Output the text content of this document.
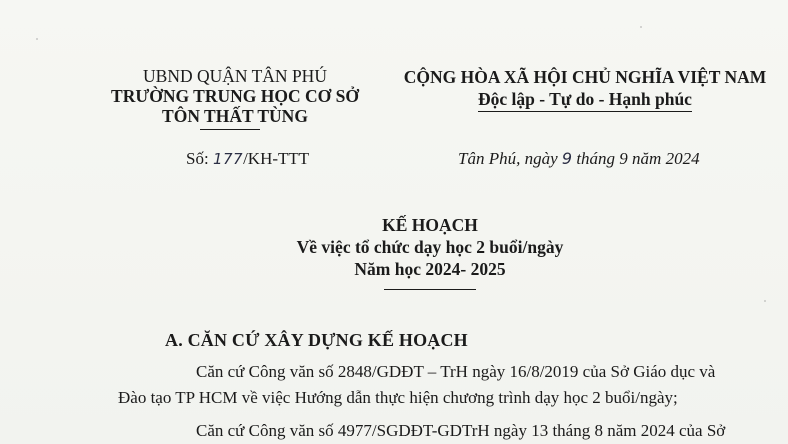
UBND QUẬN TÂN PHÚ
TRƯỜNG TRUNG HỌC CƠ SỞ
TÔN THẤT TÙNG
CỘNG HÒA XÃ HỘI CHỦ NGHĨA VIỆT NAM
Độc lập - Tự do - Hạnh phúc
Số: 177/KH-TTT	Tân Phú, ngày 9 tháng 9 năm 2024
KẾ HOẠCH
Về việc tổ chức dạy học 2 buổi/ngày
Năm học 2024- 2025
A. CĂN CỨ XÂY DỰNG KẾ HOẠCH
Căn cứ Công văn số 2848/GDĐT – TrH ngày 16/8/2019 của Sở Giáo dục và
Đào tạo TP HCM về việc Hướng dẫn thực hiện chương trình dạy học 2 buổi/ngày;
Căn cứ Công văn số 4977/SGDĐT-GDTrH ngày 13 tháng 8 năm 2024 của Sở
